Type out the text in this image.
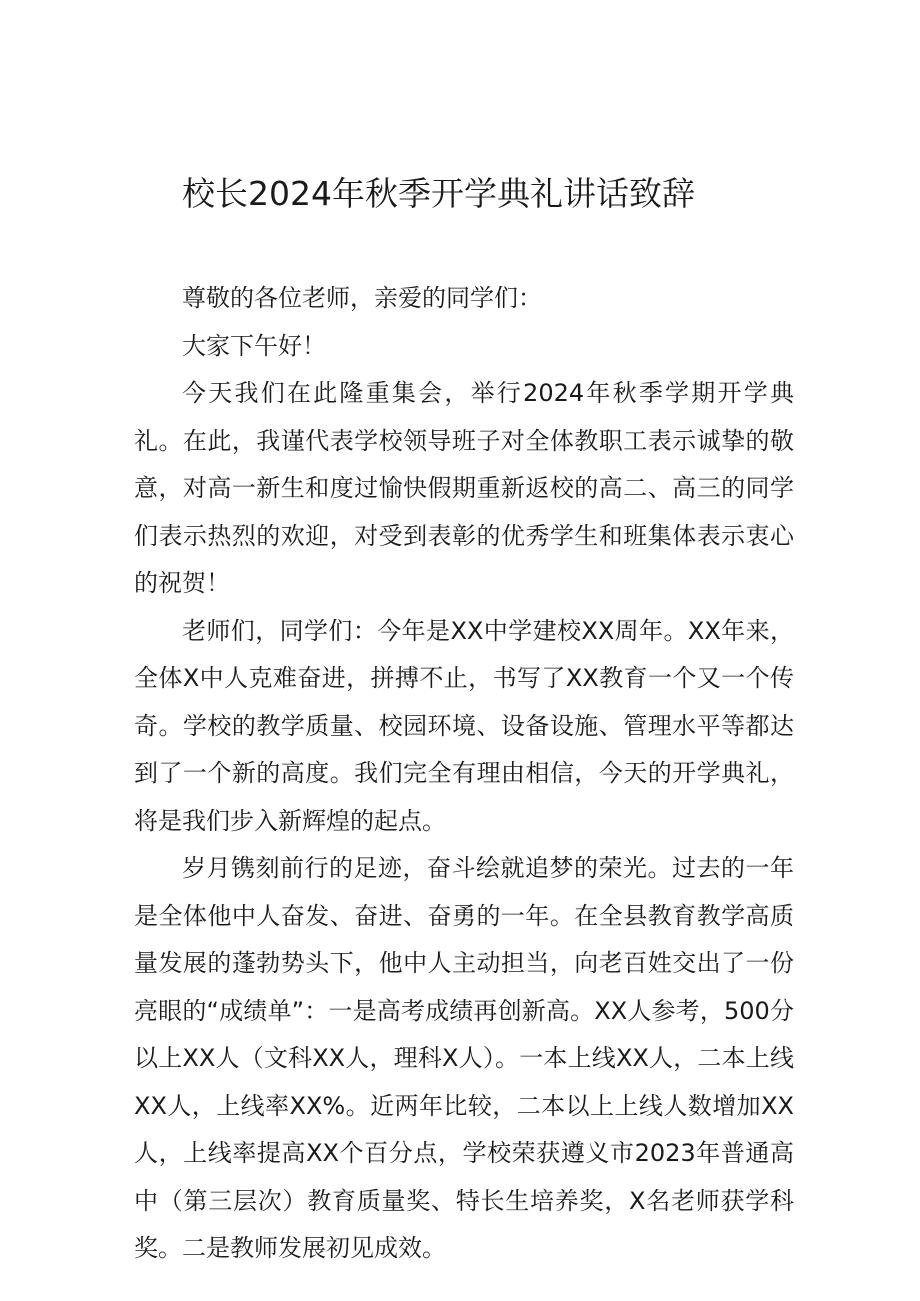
校长2024年秋季开学典礼讲话致辞

尊敬的各位老师，亲爱的同学们：

大家下午好！

今天我们在此隆重集会，举行2024年秋季学期开学典礼。在此，我谨代表学校领导班子对全体教职工表示诚挚的敬意，对高一新生和度过愉快假期重新返校的高二、高三的同学们表示热烈的欢迎，对受到表彰的优秀学生和班集体表示衷心的祝贺！

老师们，同学们：今年是XX中学建校XX周年。XX年来，全体X中人克难奋进，拼搏不止，书写了XX教育一个又一个传奇。学校的教学质量、校园环境、设备设施、管理水平等都达到了一个新的高度。我们完全有理由相信，今天的开学典礼，将是我们步入新辉煌的起点。

岁月镌刻前行的足迹，奋斗绘就追梦的荣光。过去的一年是全体他中人奋发、奋进、奋勇的一年。在全县教育教学高质量发展的蓬勃势头下，他中人主动担当，向老百姓交出了一份亮眼的“成绩单”：一是高考成绩再创新高。XX人参考，500分以上XX人（文科XX人，理科X人）。一本上线XX人，二本上线XX人，上线率XX%。近两年比较，二本以上上线人数增加XX人，上线率提高XX个百分点，学校荣获遵义市2023年普通高中（第三层次）教育质量奖、特长生培养奖，X名老师获学科奖。二是教师发展初见成效。
